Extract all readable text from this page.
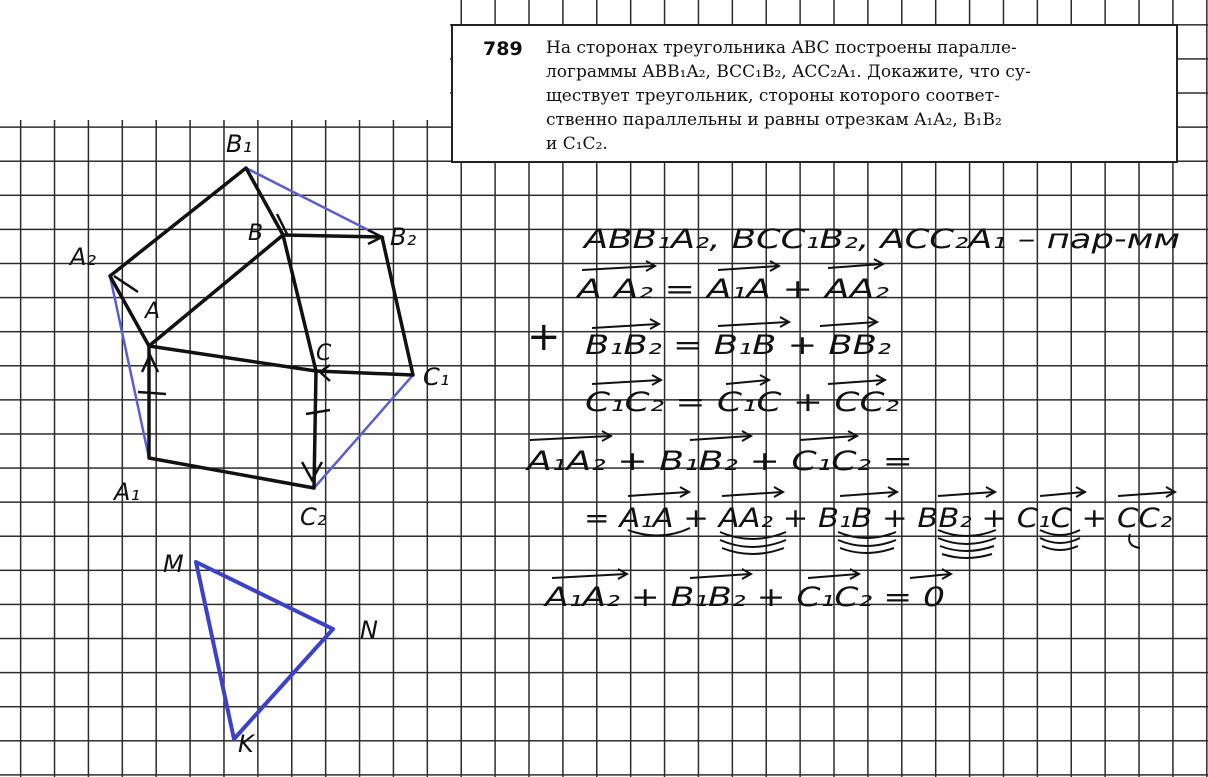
789 На сторонах треугольника ABC построены паралле-
лограммы ABB₁A₂, BCC₁B₂, ACC₂A₁. Докажите, что су-
ществует треугольник, стороны которого соответ-
ственно параллельны и равны отрезкам A₁A₂, B₁B₂
и C₁C₂.
B₁
B₂
B
A₂
A
C
C₁
A₁
C₂
M
N
K
ABB₁A₂, BCC₁B₂, ACC₂A₁ – пар-мм
+
A A₂ = A₁A + AA₂
B₁B₂ = B₁B + BB₂
C₁C₂ = C₁C + CC₂
A₁A₂ + B₁B₂ + C₁C₂ =
= A₁A + AA₂ + B₁B + BB₂ + C₁C + CC₂
A₁A₂ + B₁B₂ + C₁C₂ = 0
